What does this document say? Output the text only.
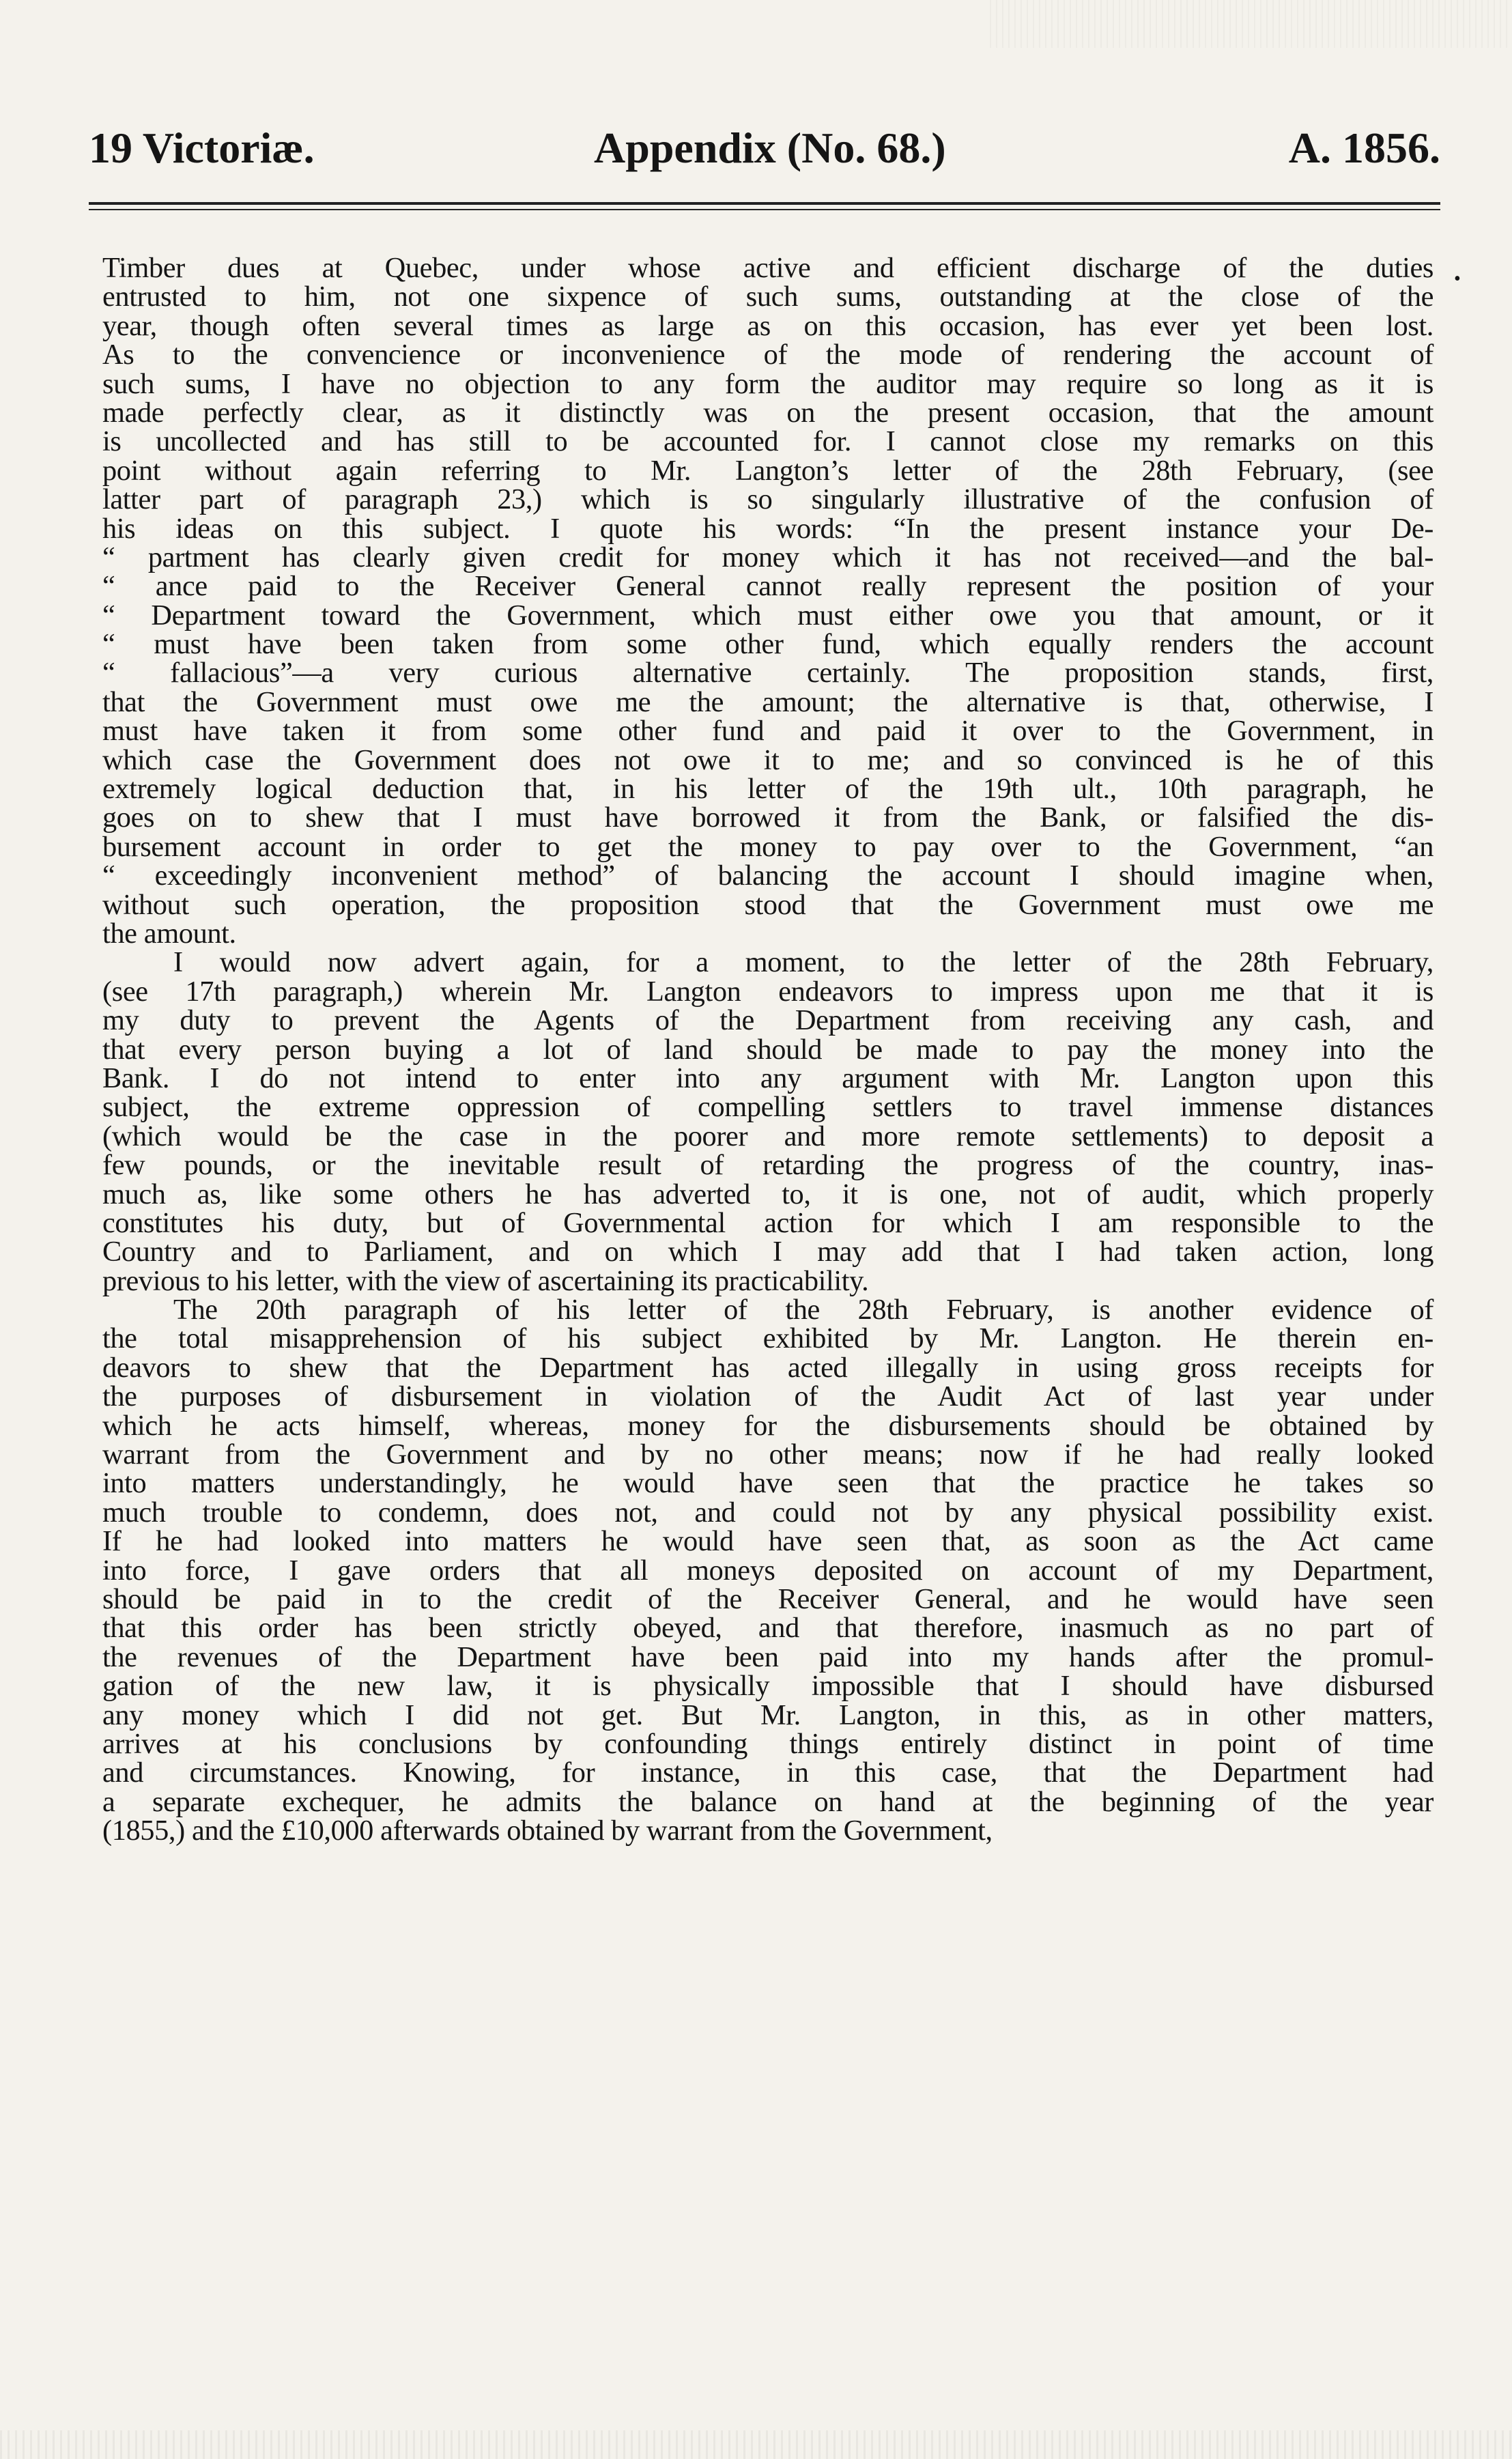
19 Victoriæ.	Appendix (No. 68.)	A. 1856.
•
Timber dues at Quebec, under whose active and efficient discharge of the duties
entrusted to him, not one sixpence of such sums, outstanding at the close of the
year, though often several times as large as on this occasion, has ever yet been lost.
As to the convencience or inconvenience of the mode of rendering the account of
such sums, I have no objection to any form the auditor may require so long as it is
made perfectly clear, as it distinctly was on the present occasion, that the amount
is uncollected and has still to be accounted for. I cannot close my remarks on this
point without again referring to Mr. Langton’s letter of the 28th February, (see
latter part of paragraph 23,) which is so singularly illustrative of the confusion of
his ideas on this subject. I quote his words: “In the present instance your De-
“ partment has clearly given credit for money which it has not received—and the bal-
“ ance paid to the Receiver General cannot really represent the position of your
“ Department toward the Government, which must either owe you that amount, or it
“ must have been taken from some other fund, which equally renders the account
“ fallacious”—a very curious alternative certainly. The proposition stands, first,
that the Government must owe me the amount; the alternative is that, otherwise, I
must have taken it from some other fund and paid it over to the Government, in
which case the Government does not owe it to me; and so convinced is he of this
extremely logical deduction that, in his letter of the 19th ult., 10th paragraph, he
goes on to shew that I must have borrowed it from the Bank, or falsified the dis-
bursement account in order to get the money to pay over to the Government, “an
“ exceedingly inconvenient method” of balancing the account I should imagine when,
without such operation, the proposition stood that the Government must owe me
the amount.
I would now advert again, for a moment, to the letter of the 28th February,
(see 17th paragraph,) wherein Mr. Langton endeavors to impress upon me that it is
my duty to prevent the Agents of the Department from receiving any cash, and
that every person buying a lot of land should be made to pay the money into the
Bank. I do not intend to enter into any argument with Mr. Langton upon this
subject, the extreme oppression of compelling settlers to travel immense distances
(which would be the case in the poorer and more remote settlements) to deposit a
few pounds, or the inevitable result of retarding the progress of the country, inas-
much as, like some others he has adverted to, it is one, not of audit, which properly
constitutes his duty, but of Governmental action for which I am responsible to the
Country and to Parliament, and on which I may add that I had taken action, long
previous to his letter, with the view of ascertaining its practicability.
The 20th paragraph of his letter of the 28th February, is another evidence of
the total misapprehension of his subject exhibited by Mr. Langton. He therein en-
deavors to shew that the Department has acted illegally in using gross receipts for
the purposes of disbursement in violation of the Audit Act of last year under
which he acts himself, whereas, money for the disbursements should be obtained by
warrant from the Government and by no other means; now if he had really looked
into matters understandingly, he would have seen that the practice he takes so
much trouble to condemn, does not, and could not by any physical possibility exist.
If he had looked into matters he would have seen that, as soon as the Act came
into force, I gave orders that all moneys deposited on account of my Department,
should be paid in to the credit of the Receiver General, and he would have seen
that this order has been strictly obeyed, and that therefore, inasmuch as no part of
the revenues of the Department have been paid into my hands after the promul-
gation of the new law, it is physically impossible that I should have disbursed
any money which I did not get. But Mr. Langton, in this, as in other matters,
arrives at his conclusions by confounding things entirely distinct in point of time
and circumstances. Knowing, for instance, in this case, that the Department had
a separate exchequer, he admits the balance on hand at the beginning of the year
(1855,) and the £10,000 afterwards obtained by warrant from the Government,
